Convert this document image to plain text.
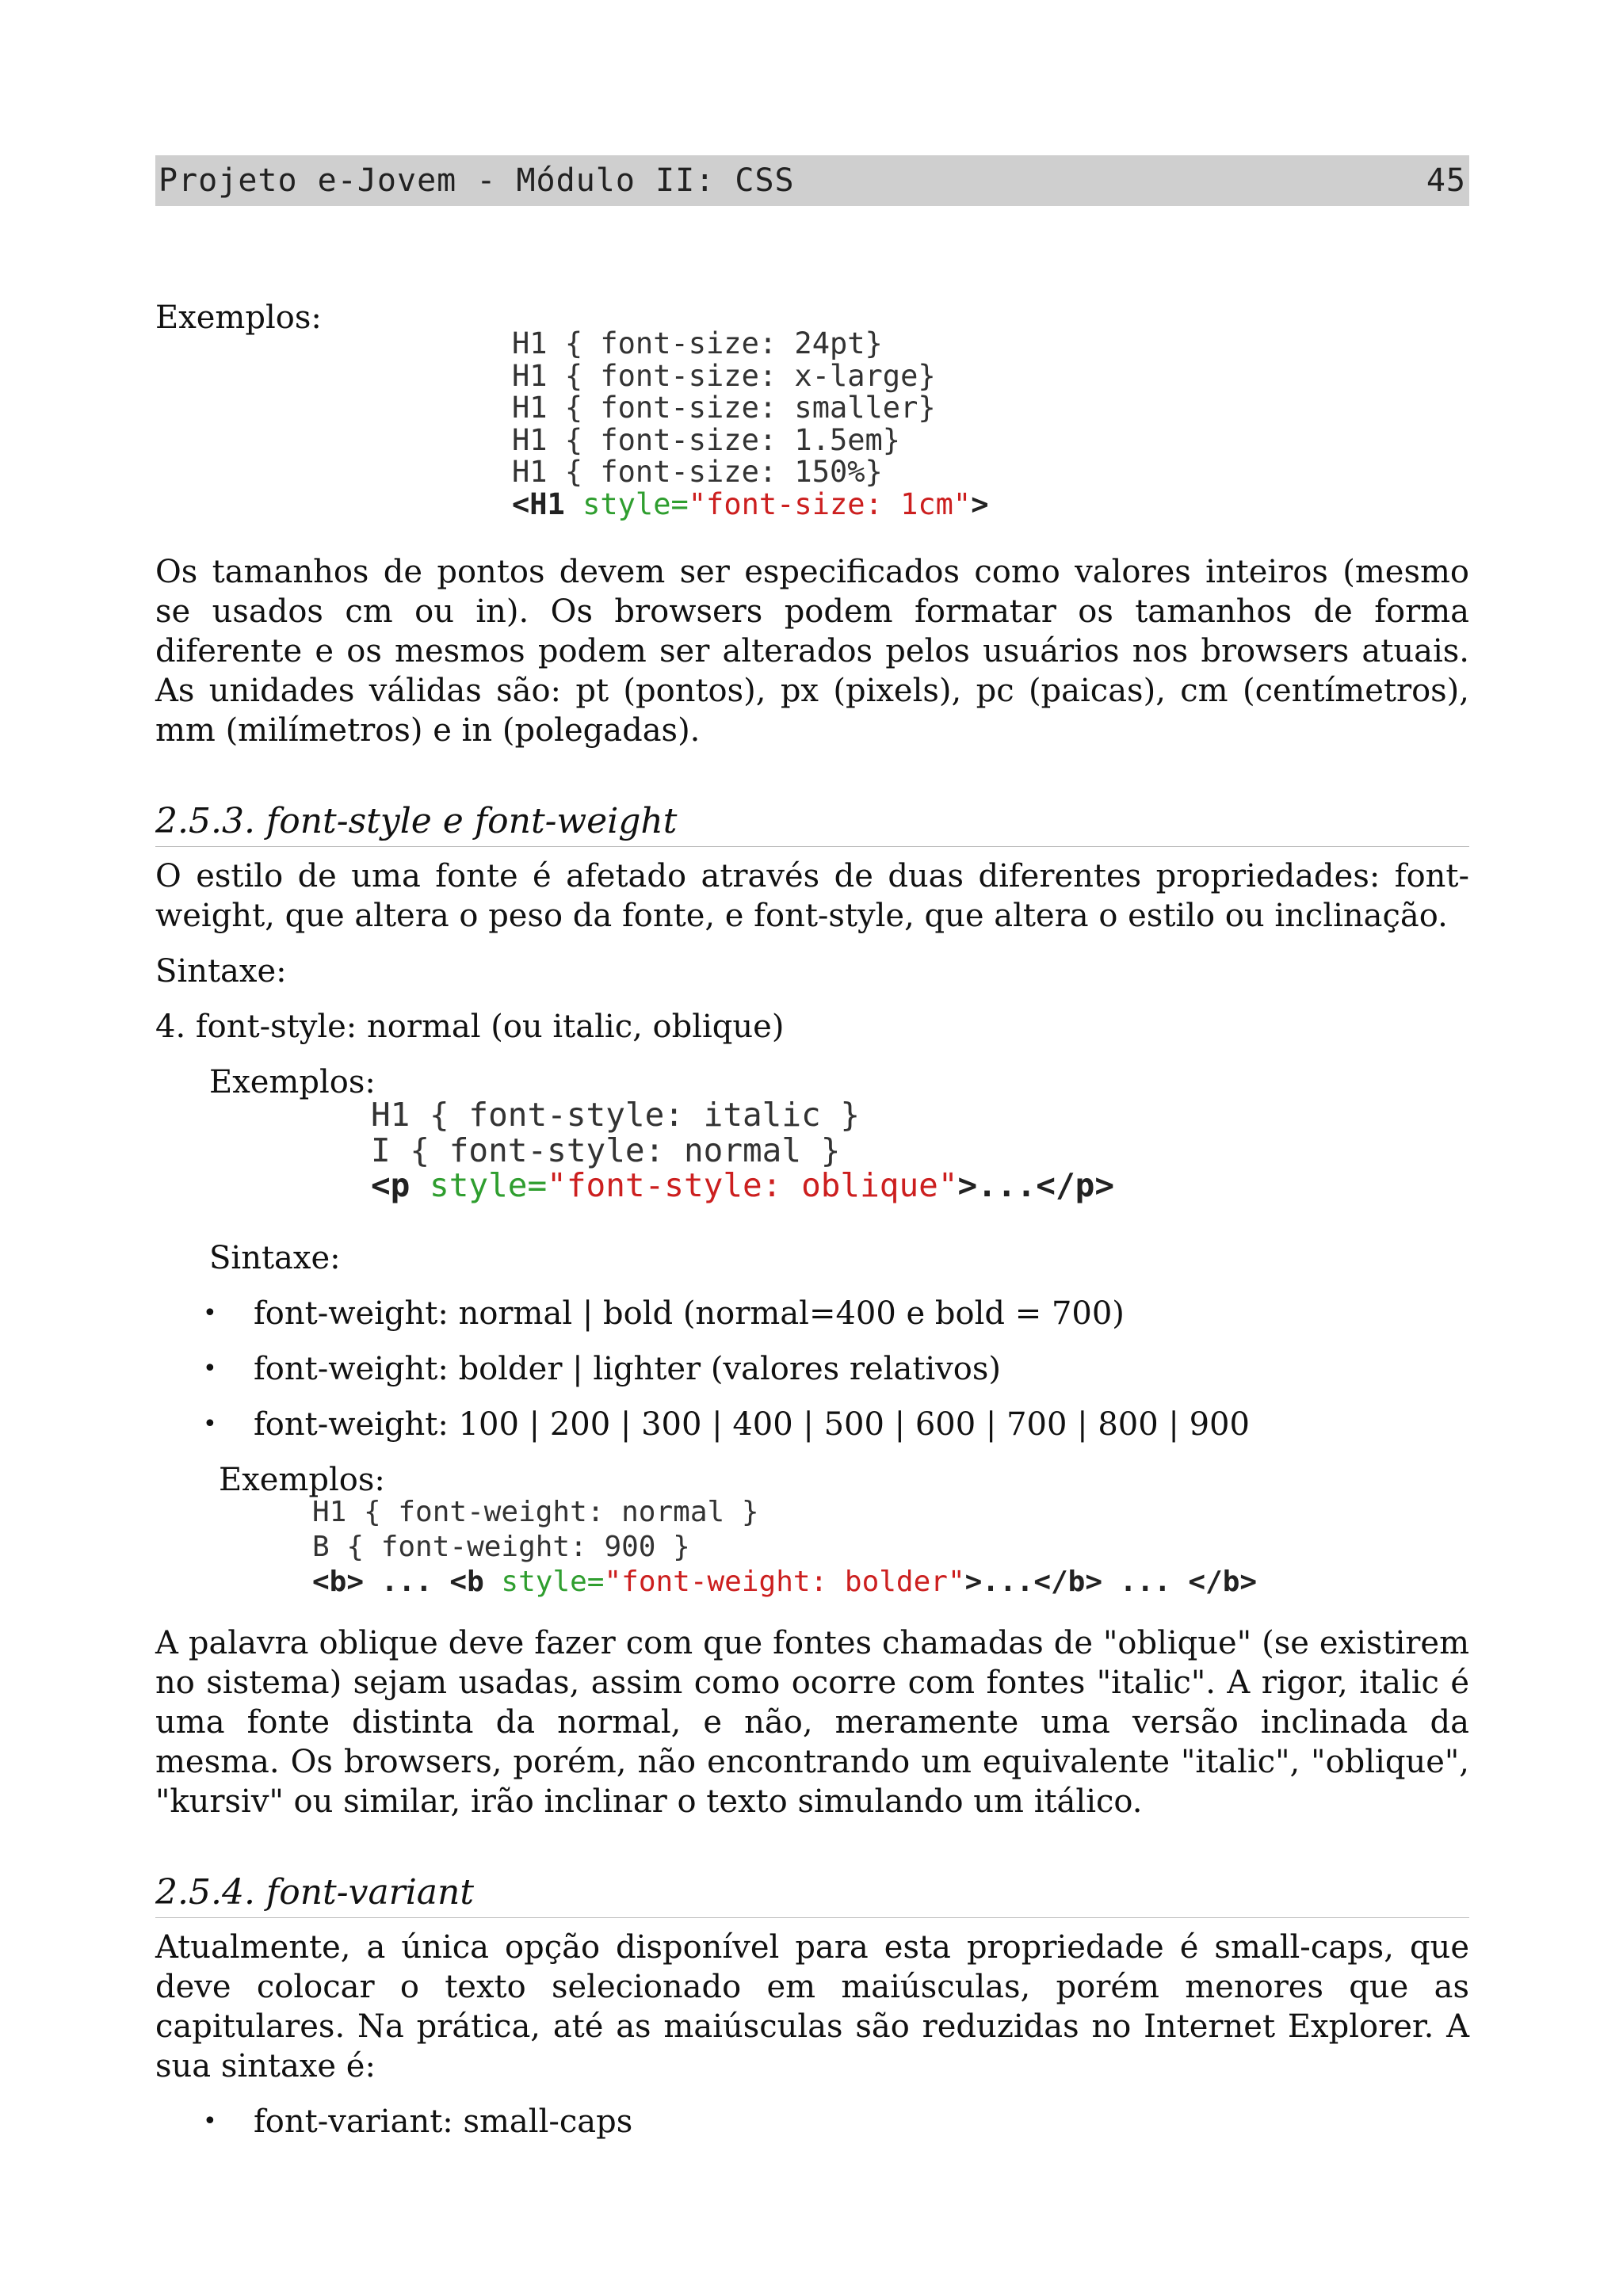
Projeto e-Jovem - Módulo II: CSS	45

Exemplos:

H1 { font-size: 24pt}
H1 { font-size: x-large}
H1 { font-size: smaller}
H1 { font-size: 1.5em}
H1 { font-size: 150%}
<H1 style="font-size: 1cm">

Os tamanhos de pontos devem ser especificados como valores inteiros (mesmo se usados cm ou in). Os browsers podem formatar os tamanhos de forma diferente e os mesmos podem ser alterados pelos usuários nos browsers atuais. As unidades válidas são: pt (pontos), px (pixels), pc (paicas), cm (centímetros), mm (milímetros) e in (polegadas).

2.5.3. font-style e font-weight

O estilo de uma fonte é afetado através de duas diferentes propriedades: font-weight, que altera o peso da fonte, e font-style, que altera o estilo ou inclinação.

Sintaxe:

4. font-style: normal (ou italic, oblique)

Exemplos:

H1 { font-style: italic }
I { font-style: normal }
<p style="font-style: oblique">...</p>

Sintaxe:

• font-weight: normal | bold (normal=400 e bold = 700)
• font-weight: bolder | lighter (valores relativos)
• font-weight: 100 | 200 | 300 | 400 | 500 | 600 | 700 | 800 | 900

Exemplos:

H1 { font-weight: normal }
B { font-weight: 900 }
<b> ... <b style="font-weight: bolder">...</b> ... </b>

A palavra oblique deve fazer com que fontes chamadas de "oblique" (se existirem no sistema) sejam usadas, assim como ocorre com fontes "italic". A rigor, italic é uma fonte distinta da normal, e não, meramente uma versão inclinada da mesma. Os browsers, porém, não encontrando um equivalente "italic", "oblique", "kursiv" ou similar, irão inclinar o texto simulando um itálico.

2.5.4. font-variant

Atualmente, a única opção disponível para esta propriedade é small-caps, que deve colocar o texto selecionado em maiúsculas, porém menores que as capitulares. Na prática, até as maiúsculas são reduzidas no Internet Explorer. A sua sintaxe é:

• font-variant: small-caps
